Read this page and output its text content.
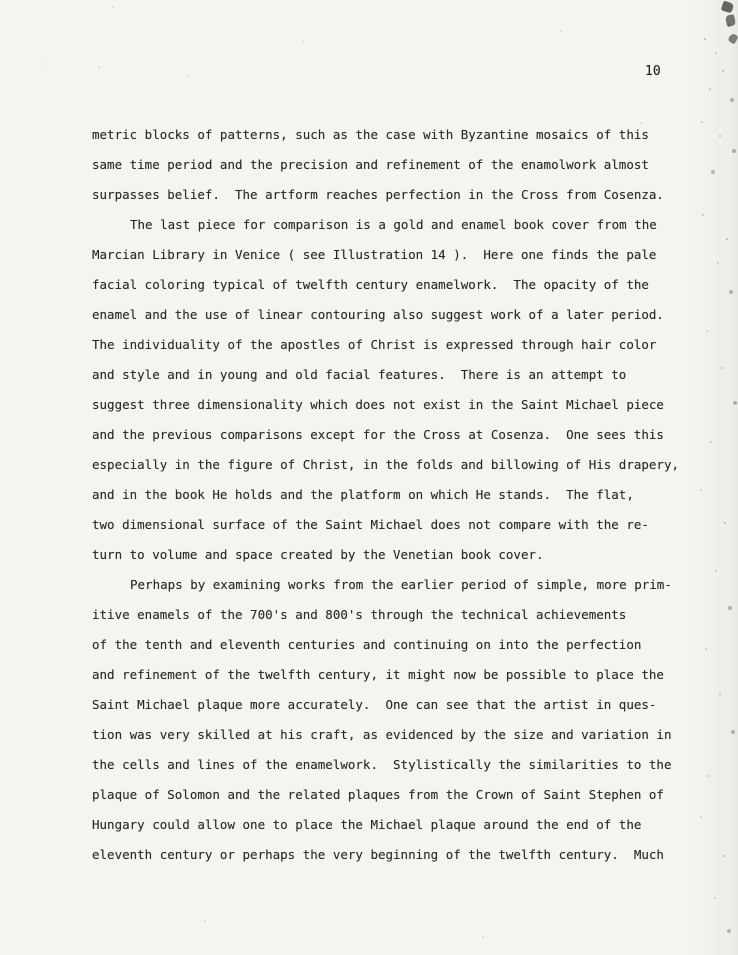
10
metric blocks of patterns, such as the case with Byzantine mosaics of this
same time period and the precision and refinement of the enamolwork almost
surpasses belief.  The artform reaches perfection in the Cross from Cosenza.
The last piece for comparison is a gold and enamel book cover from the
Marcian Library in Venice ( see Illustration 14 ).  Here one finds the pale
facial coloring typical of twelfth century enamelwork.  The opacity of the
enamel and the use of linear contouring also suggest work of a later period.
The individuality of the apostles of Christ is expressed through hair color
and style and in young and old facial features.  There is an attempt to
suggest three dimensionality which does not exist in the Saint Michael piece
and the previous comparisons except for the Cross at Cosenza.  One sees this
especially in the figure of Christ, in the folds and billowing of His drapery,
and in the book He holds and the platform on which He stands.  The flat,
two dimensional surface of the Saint Michael does not compare with the re-
turn to volume and space created by the Venetian book cover.
Perhaps by examining works from the earlier period of simple, more prim-
itive enamels of the 700's and 800's through the technical achievements
of the tenth and eleventh centuries and continuing on into the perfection
and refinement of the twelfth century, it might now be possible to place the
Saint Michael plaque more accurately.  One can see that the artist in ques-
tion was very skilled at his craft, as evidenced by the size and variation in
the cells and lines of the enamelwork.  Stylistically the similarities to the
plaque of Solomon and the related plaques from the Crown of Saint Stephen of
Hungary could allow one to place the Michael plaque around the end of the
eleventh century or perhaps the very beginning of the twelfth century.  Much
